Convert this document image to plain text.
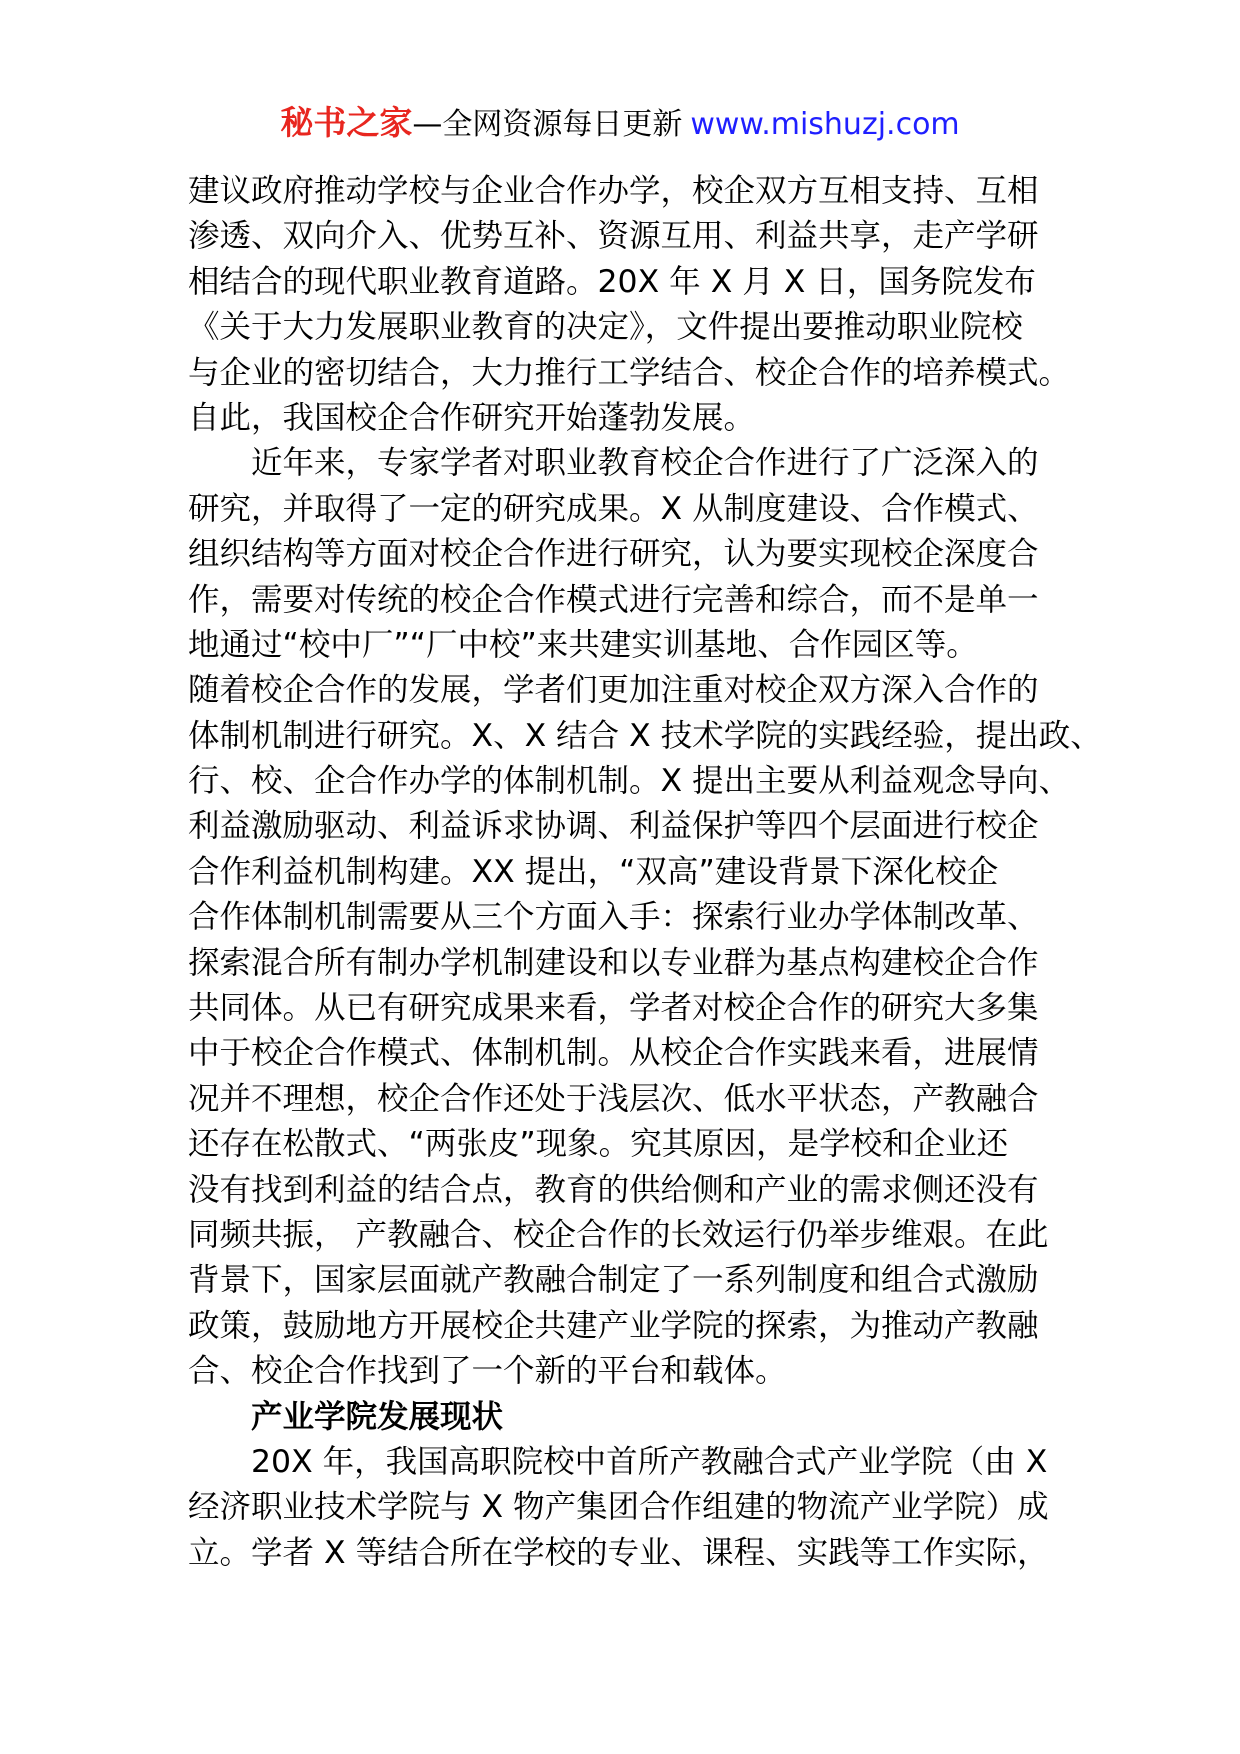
秘书之家—全网资源每日更新 www.mishuzj.com
建议政府推动学校与企业合作办学，校企双方互相支持、互相
渗透、双向介入、优势互补、资源互用、利益共享，走产学研
相结合的现代职业教育道路。20X 年 X 月 X 日，国务院发布
《关于大力发展职业教育的决定》，文件提出要推动职业院校
与企业的密切结合，大力推行工学结合、校企合作的培养模式。
自此，我国校企合作研究开始蓬勃发展。
近年来，专家学者对职业教育校企合作进行了广泛深入的
研究，并取得了一定的研究成果。X 从制度建设、合作模式、
组织结构等方面对校企合作进行研究，认为要实现校企深度合
作，需要对传统的校企合作模式进行完善和综合，而不是单一
地通过“校中厂”“厂中校”来共建实训基地、合作园区等。
随着校企合作的发展，学者们更加注重对校企双方深入合作的
体制机制进行研究。X、X 结合 X 技术学院的实践经验，提出政、
行、校、企合作办学的体制机制。X 提出主要从利益观念导向、
利益激励驱动、利益诉求协调、利益保护等四个层面进行校企
合作利益机制构建。XX 提出，“双高”建设背景下深化校企
合作体制机制需要从三个方面入手：探索行业办学体制改革、
探索混合所有制办学机制建设和以专业群为基点构建校企合作
共同体。从已有研究成果来看，学者对校企合作的研究大多集
中于校企合作模式、体制机制。从校企合作实践来看，进展情
况并不理想，校企合作还处于浅层次、低水平状态，产教融合
还存在松散式、“两张皮”现象。究其原因，是学校和企业还
没有找到利益的结合点，教育的供给侧和产业的需求侧还没有
同频共振， 产教融合、校企合作的长效运行仍举步维艰。在此
背景下，国家层面就产教融合制定了一系列制度和组合式激励
政策，鼓励地方开展校企共建产业学院的探索，为推动产教融
合、校企合作找到了一个新的平台和载体。
产业学院发展现状
20X 年，我国高职院校中首所产教融合式产业学院（由 X
经济职业技术学院与 X 物产集团合作组建的物流产业学院）成
立。学者 X 等结合所在学校的专业、课程、实践等工作实际，
